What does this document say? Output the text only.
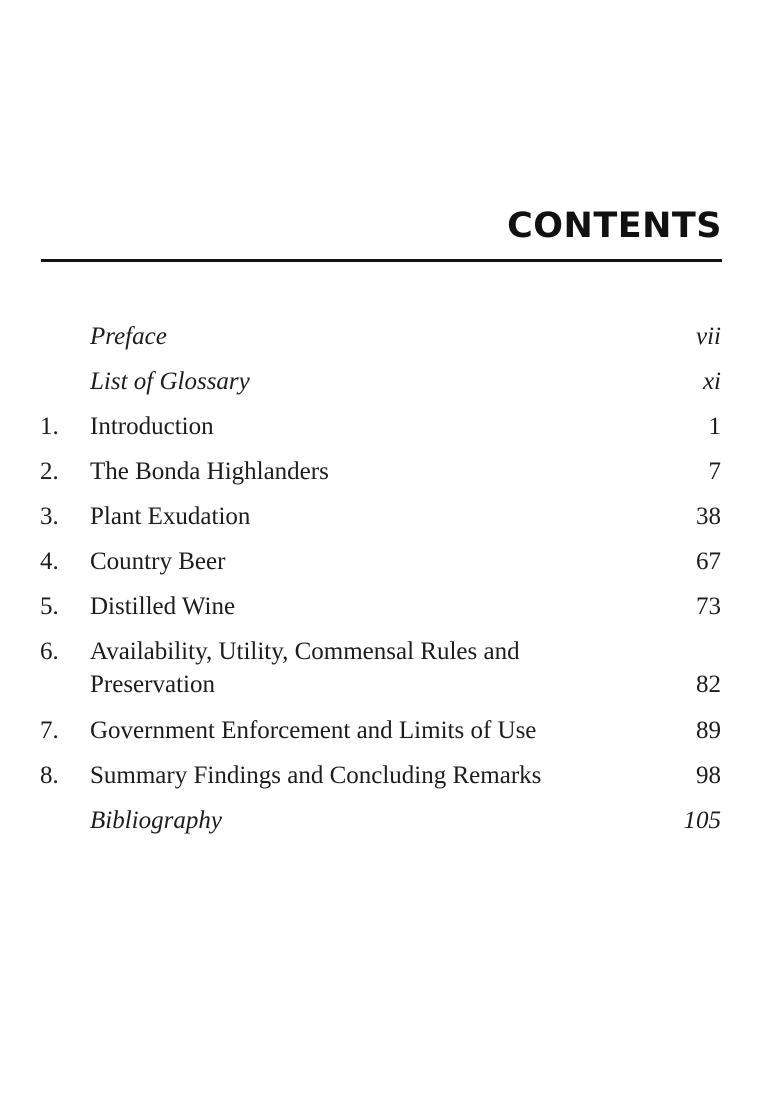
CONTENTS
Preface	vii
List of Glossary	xi
1.	Introduction	1
2.	The Bonda Highlanders	7
3.	Plant Exudation	38
4.	Country Beer	67
5.	Distilled Wine	73
6.	Availability, Utility, Commensal Rules and
Preservation	82
7.	Government Enforcement and Limits of Use	89
8.	Summary Findings and Concluding Remarks	98
Bibliography	105
